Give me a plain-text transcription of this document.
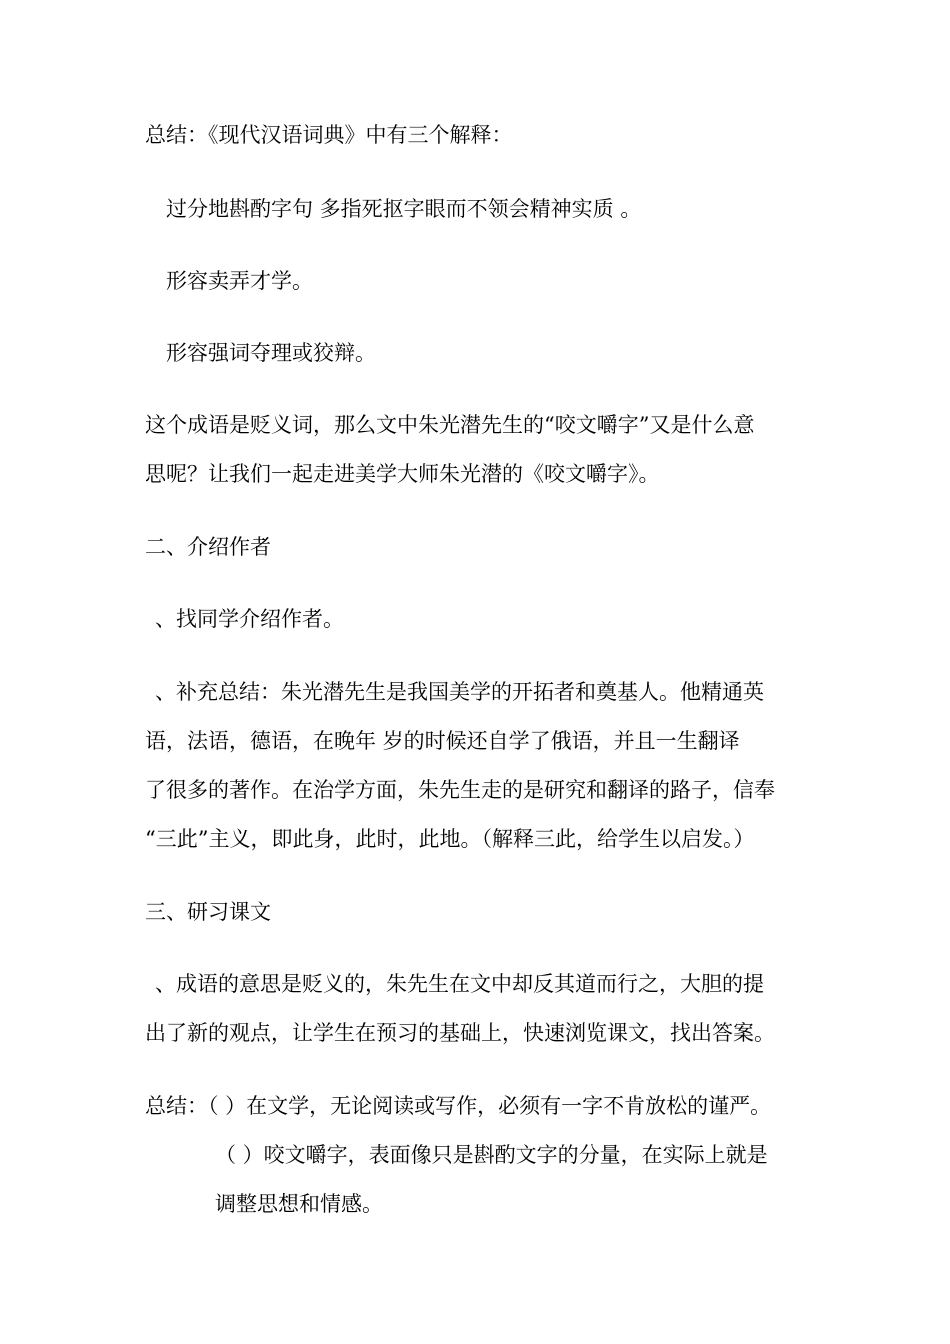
总结：《现代汉语词典》中有三个解释：
过分地斟酌字句 多指死抠字眼而不领会精神实质 。
形容卖弄才学。
形容强词夺理或狡辩。
这个成语是贬义词，那么文中朱光潜先生的“咬文嚼字”又是什么意
思呢？让我们一起走进美学大师朱光潜的《咬文嚼字》。
二、介绍作者
、找同学介绍作者。
、补充总结：朱光潜先生是我国美学的开拓者和奠基人。他精通英
语，法语，德语，在晚年 岁的时候还自学了俄语，并且一生翻译
了很多的著作。在治学方面，朱先生走的是研究和翻译的路子，信奉
“三此”主义，即此身，此时，此地。（解释三此，给学生以启发。）
三、研习课文
、成语的意思是贬义的，朱先生在文中却反其道而行之，大胆的提
出了新的观点，让学生在预习的基础上，快速浏览课文，找出答案。
总结：（ ）在文学，无论阅读或写作，必须有一字不肯放松的谨严。
（ ）咬文嚼字，表面像只是斟酌文字的分量，在实际上就是
调整思想和情感。
